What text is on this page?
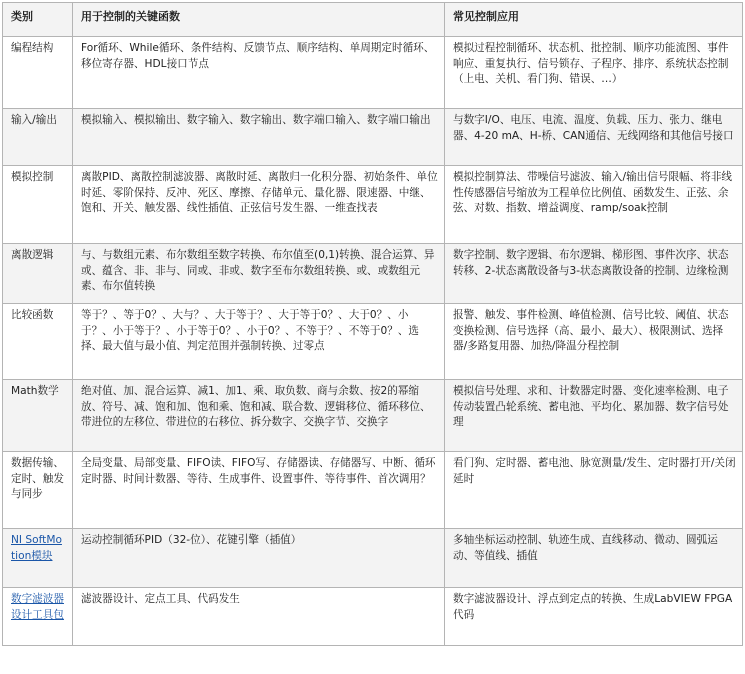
类别	用于控制的关键函数	常见控制应用
编程结构	For循环、While循环、条件结构、反馈节点、顺序结构、单周期定时循环、移位寄存器、HDL接口节点	模拟过程控制循环、状态机、批控制、顺序功能流图、事件响应、重复执行、信号锁存、子程序、排序、系统状态控制（上电、关机、看门狗、错误、…）
输入/输出	模拟输入、模拟输出、数字输入、数字输出、数字端口输入、数字端口输出	与数字I/O、电压、电流、温度、负载、压力、张力、继电器、4-20 mA、H-桥、CAN通信、无线网络和其他信号接口
模拟控制	离散PID、离散控制滤波器、离散时延、离散归一化积分器、初始条件、单位时延、零阶保持、反冲、死区、摩擦、存储单元、量化器、限速器、中继、饱和、开关、触发器、线性插值、正弦信号发生器、一维查找表	模拟控制算法、带噪信号滤波、输入/输出信号限幅、将非线性传感器信号缩放为工程单位比例值、函数发生、正弦、余弦、对数、指数、增益调度、ramp/soak控制
离散逻辑	与、与数组元素、布尔数组至数字转换、布尔值至(0,1)转换、混合运算、异或、蕴含、非、非与、同或、非或、数字至布尔数组转换、或、或数组元素、布尔值转换	数字控制、数字逻辑、布尔逻辑、梯形图、事件次序、状态转移、2-状态离散设备与3-状态离散设备的控制、边缘检测
比较函数	等于？、等于0？、大与？、大于等于？、大于等于0？、大于0？、小于？、小于等于？、小于等于0？、小于0？、不等于？、不等于0？、选择、最大值与最小值、判定范围并强制转换、过零点	报警、触发、事件检测、峰值检测、信号比较、阈值、状态变换检测、信号选择（高、最小、最大）、极限测试、选择器/多路复用器、加热/降温分程控制
Math数学	绝对值、加、混合运算、减1、加1、乘、取负数、商与余数、按2的幂缩放、符号、减、饱和加、饱和乘、饱和减、联合数、逻辑移位、循环移位、带进位的左移位、带进位的右移位、拆分数字、交换字节、交换字	模拟信号处理、求和、计数器定时器、变化速率检测、电子传动装置凸轮系统、蓄电池、平均化、累加器、数字信号处理
数据传输、定时、触发与同步	全局变量、局部变量、FIFO读、FIFO写、存储器读、存储器写、中断、循环定时器、时间计数器、等待、生成事件、设置事件、等待事件、首次调用？	看门狗、定时器、蓄电池、脉宽测量/发生、定时器打开/关闭延时
NI SoftMotion模块	运动控制循环PID（32-位）、花键引擎（插值）	多轴坐标运动控制、轨迹生成、直线移动、微动、圆弧运动、等值线、插值
数字滤波器设计工具包	滤波器设计、定点工具、代码发生	数字滤波器设计、浮点到定点的转换、生成LabVIEW FPGA代码
